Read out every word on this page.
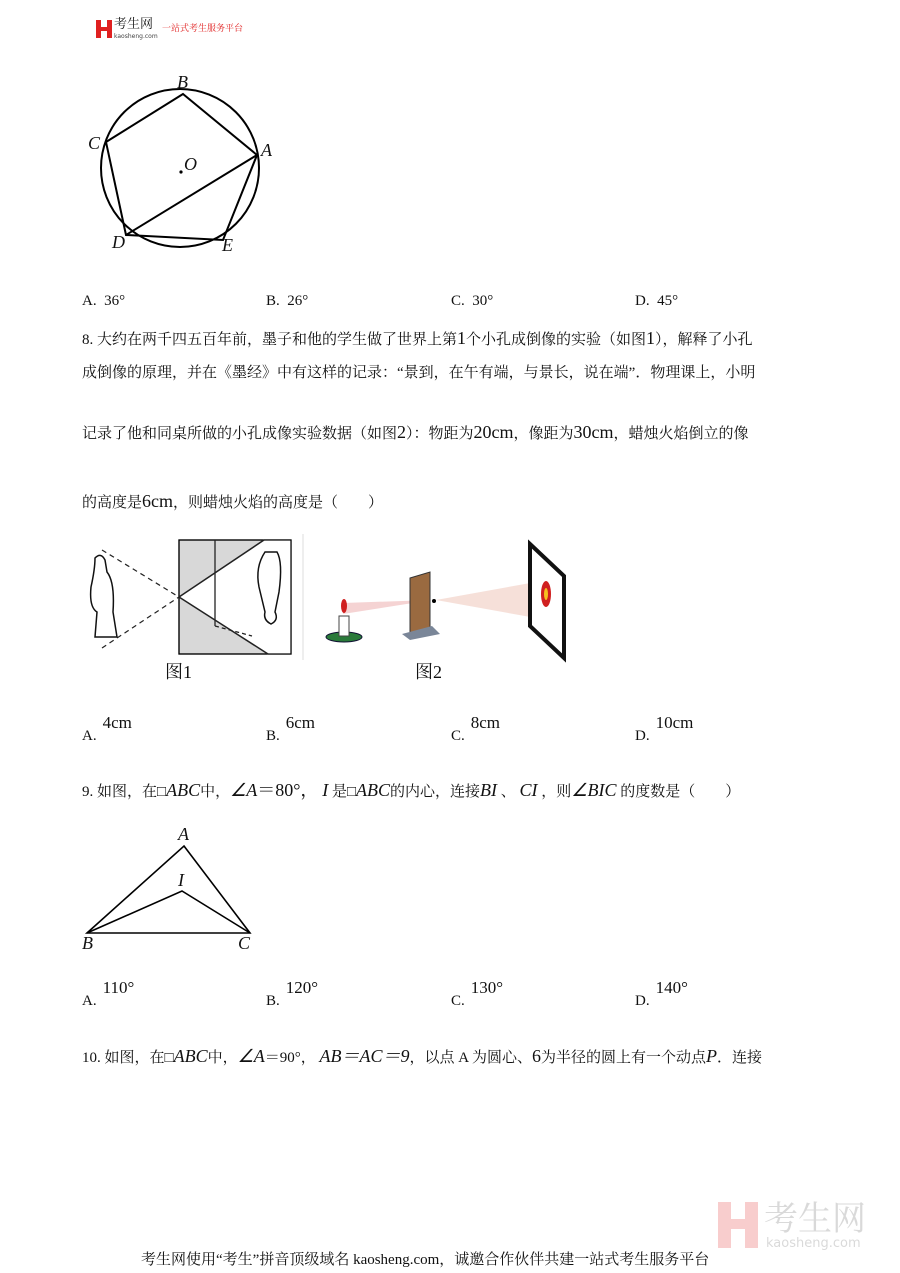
考生网
kaosheng.com
一站式考生服务平台
B
A
C
O
D	E
A. 36°	B. 26°	C. 30°	D. 45°
8. 大约在两千四五百年前，墨子和他的学生做了世界上第1个小孔成倒像的实验（如图1），解释了小孔
成倒像的原理，并在《墨经》中有这样的记录：“景到，在午有端，与景长，说在端”．物理课上，小明
记录了他和同桌所做的小孔成像实验数据（如图2）：物距为20cm，像距为30cm，蜡烛火焰倒立的像
的高度是6cm，则蜡烛火焰的高度是（　　）
图1	图2
A.4cm
B.6cm
C.8cm
D.10cm
9. 如图，在□ABC中，∠A＝80°， I 是□ABC的内心，连接BI 、 CI ，则∠BIC 的度数是（　　）
A
I
B	C
A.110°
B.120°
C.130°
D.140°
10. 如图，在□ABC中，∠A＝90°， AB＝AC＝9，以点 A 为圆心、6为半径的圆上有一个动点P．连接
考生网
kaosheng.com
考生网使用“考生”拼音顶级域名 kaosheng.com，诚邀合作伙伴共建一站式考生服务平台
